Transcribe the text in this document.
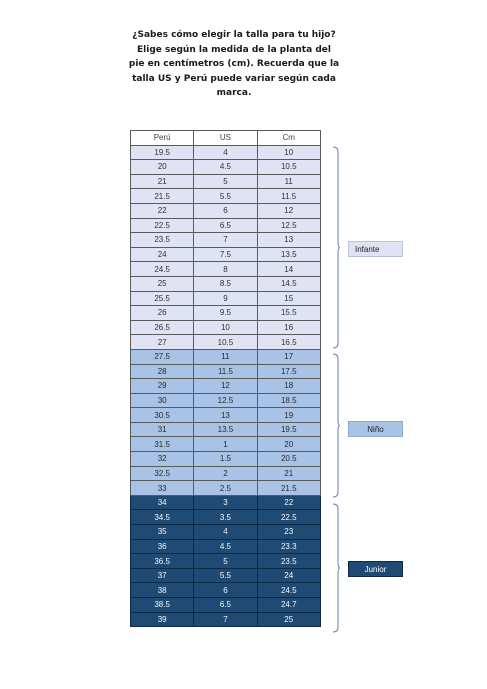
¿Sabes cómo elegir la talla para tu hijo? Elige según la medida de la planta del pie en centímetros (cm). Recuerda que la talla US y Perú puede variar según cada marca.
Perú	US	Cm
19.5	4	10
20	4.5	10.5
21	5	11
21.5	5.5	11.5
22	6	12
22.5	6.5	12.5
23.5	7	13
24	7.5	13.5
24.5	8	14
25	8.5	14.5
25.5	9	15
26	9.5	15.5
26.5	10	16
27	10.5	16.5
27.5	11	17
28	11.5	17.5
29	12	18
30	12.5	18.5
30.5	13	19
31	13.5	19.5
31.5	1	20
32	1.5	20.5
32.5	2	21
33	2.5	21.5
34	3	22
34.5	3.5	22.5
35	4	23
36	4.5	23.3
36.5	5	23.5
37	5.5	24
38	6	24.5
38.5	6.5	24.7
39	7	25
Infante
Niño
Junior
